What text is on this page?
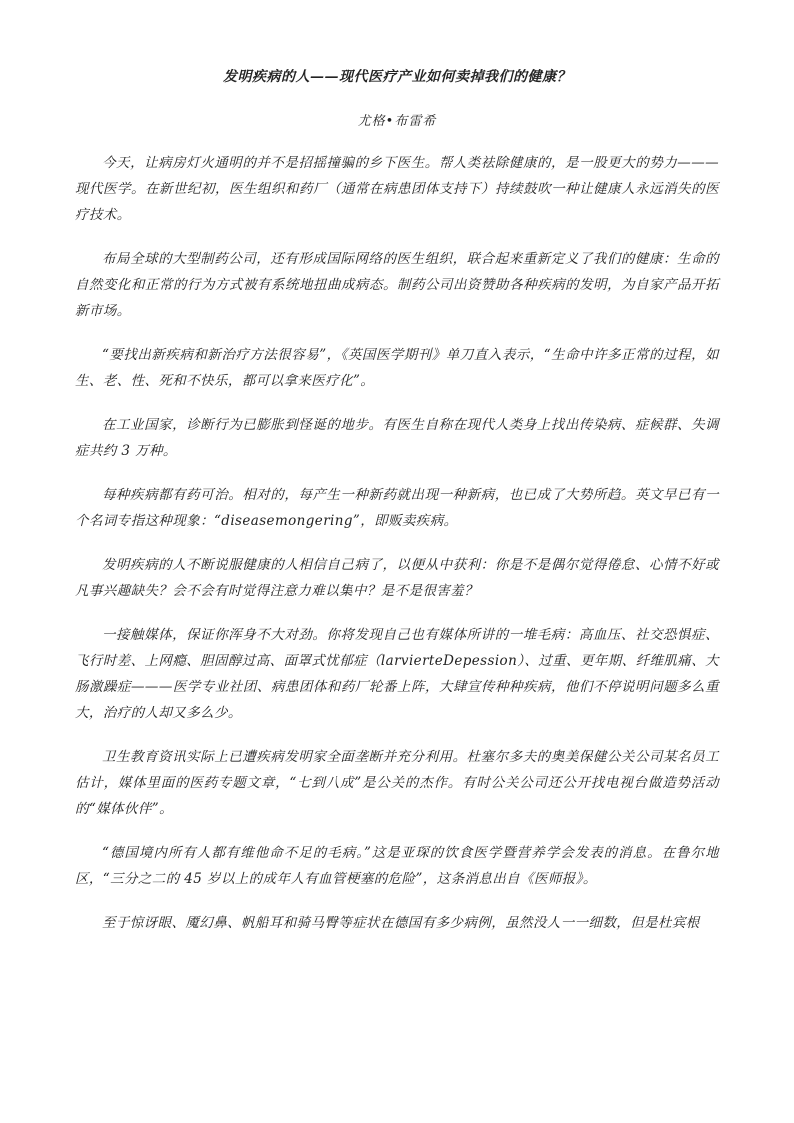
发明疾病的人——现代医疗产业如何卖掉我们的健康？
尤格•布雷希

今天，让病房灯火通明的并不是招摇撞骗的乡下医生。帮人类祛除健康的，是一股更大的势力———现代医学。在新世纪初，医生组织和药厂（通常在病患团体支持下）持续鼓吹一种让健康人永远消失的医疗技术。

布局全球的大型制药公司，还有形成国际网络的医生组织，联合起来重新定义了我们的健康：生命的自然变化和正常的行为方式被有系统地扭曲成病态。制药公司出资赞助各种疾病的发明，为自家产品开拓新市场。

“要找出新疾病和新治疗方法很容易”，《英国医学期刊》单刀直入表示，“生命中许多正常的过程，如生、老、性、死和不快乐，都可以拿来医疗化”。

在工业国家，诊断行为已膨胀到怪诞的地步。有医生自称在现代人类身上找出传染病、症候群、失调症共约 3 万种。

每种疾病都有药可治。相对的，每产生一种新药就出现一种新病，也已成了大势所趋。英文早已有一个名词专指这种现象：“diseasemongering”，即贩卖疾病。

发明疾病的人不断说服健康的人相信自己病了，以便从中获利：你是不是偶尔觉得倦怠、心情不好或凡事兴趣缺失？会不会有时觉得注意力难以集中？是不是很害羞？

一接触媒体，保证你浑身不大对劲。你将发现自己也有媒体所讲的一堆毛病：高血压、社交恐惧症、飞行时差、上网瘾、胆固醇过高、面罩式忧郁症（larvierteDepession）、过重、更年期、纤维肌痛、大肠激躁症———医学专业社团、病患团体和药厂轮番上阵，大肆宣传种种疾病，他们不停说明问题多么重大，治疗的人却又多么少。

卫生教育资讯实际上已遭疾病发明家全面垄断并充分利用。杜塞尔多夫的奥美保健公关公司某名员工估计，媒体里面的医药专题文章，“七到八成”是公关的杰作。有时公关公司还公开找电视台做造势活动的“媒体伙伴”。

“德国境内所有人都有维他命不足的毛病。”这是亚琛的饮食医学暨营养学会发表的消息。在鲁尔地区，“三分之二的 45 岁以上的成年人有血管梗塞的危险”，这条消息出自《医师报》。

至于惊讶眼、魇幻鼻、帆船耳和骑马臀等症状在德国有多少病例，虽然没人一一细数，但是杜宾根
